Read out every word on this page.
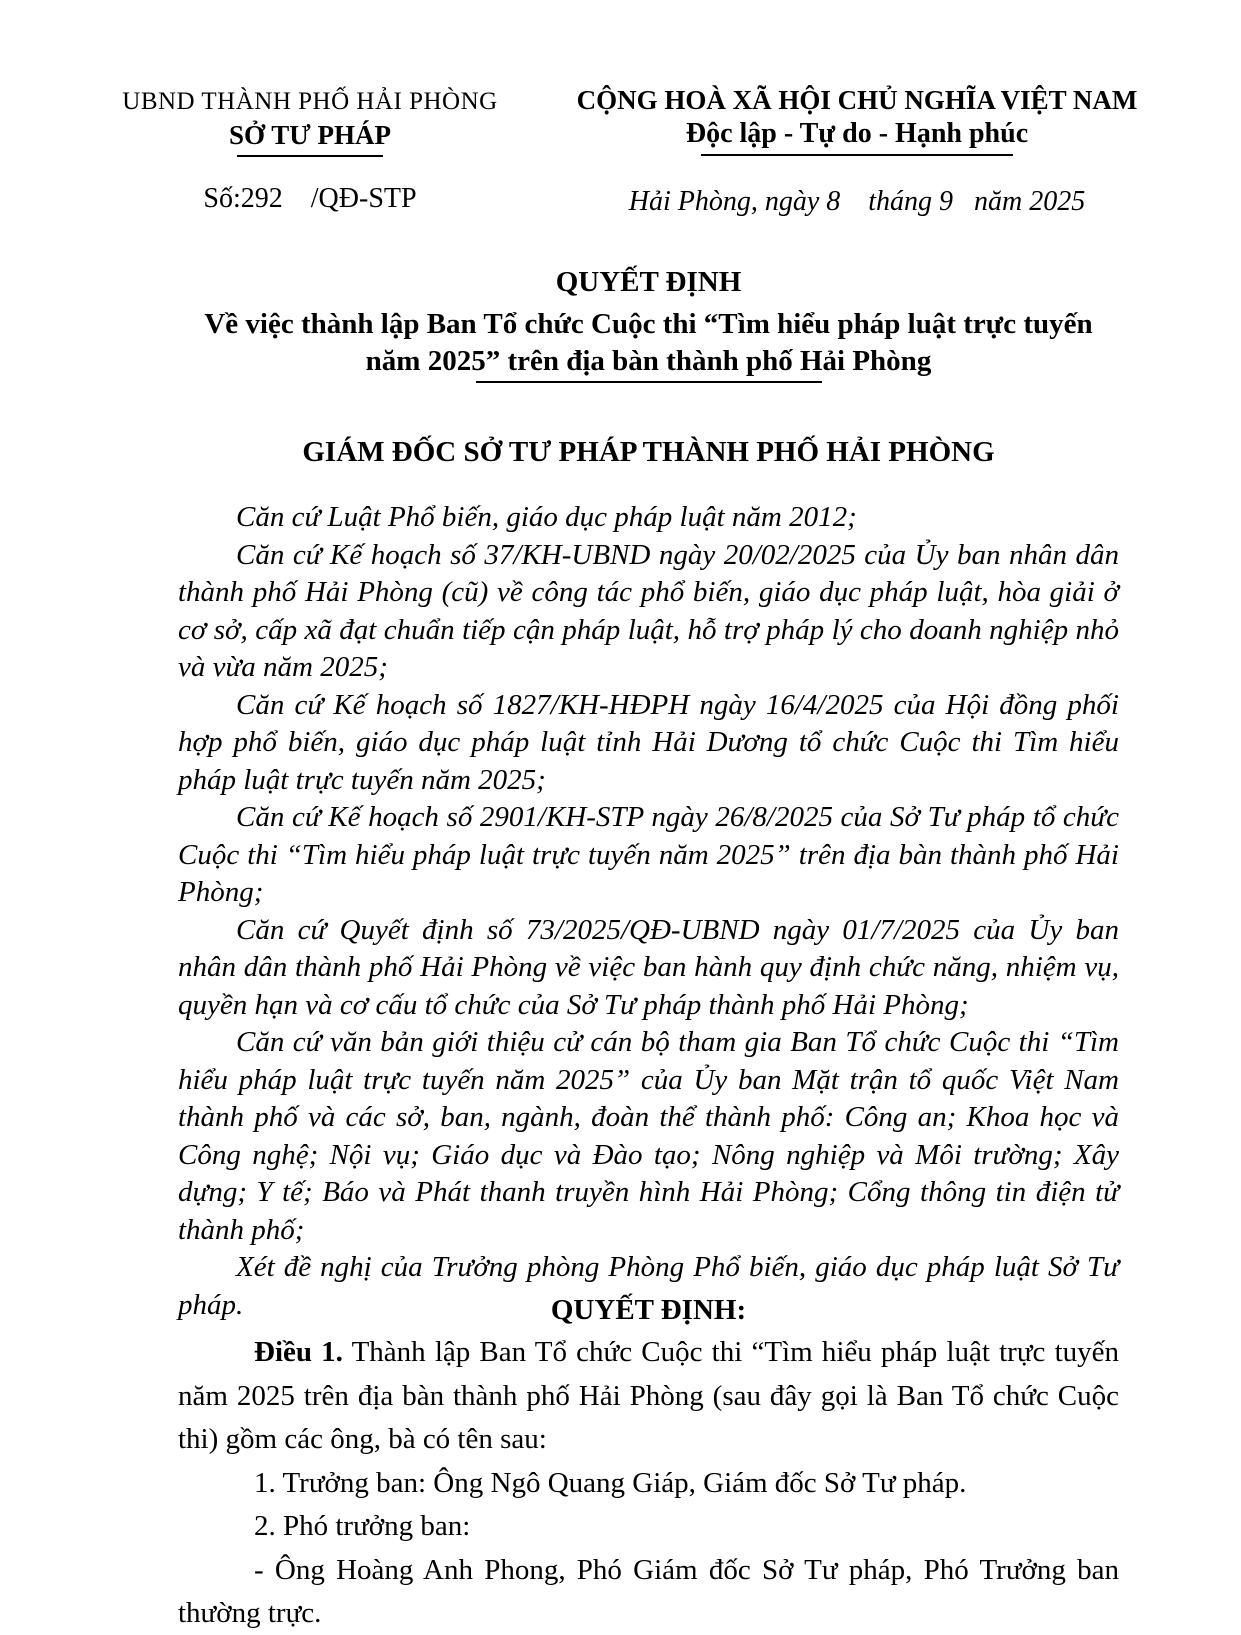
UBND THÀNH PHỐ HẢI PHÒNG
SỞ TƯ PHÁP
Số:292    /QĐ-STP
CỘNG HOÀ XÃ HỘI CHỦ NGHĨA VIỆT NAM
Độc lập - Tự do - Hạnh phúc
Hải Phòng, ngày 8    tháng 9   năm 2025
QUYẾT ĐỊNH
Về việc thành lập Ban Tổ chức Cuộc thi “Tìm hiểu pháp luật trực tuyến
năm 2025” trên địa bàn thành phố Hải Phòng
GIÁM ĐỐC SỞ TƯ PHÁP THÀNH PHỐ HẢI PHÒNG

Căn cứ Luật Phổ biến, giáo dục pháp luật năm 2012;

Căn cứ Kế hoạch số 37/KH-UBND ngày 20/02/2025 của Ủy ban nhân dân thành phố Hải Phòng (cũ) về công tác phổ biến, giáo dục pháp luật, hòa giải ở cơ sở, cấp xã đạt chuẩn tiếp cận pháp luật, hỗ trợ pháp lý cho doanh nghiệp nhỏ và vừa năm 2025;

Căn cứ Kế hoạch số 1827/KH-HĐPH ngày 16/4/2025 của Hội đồng phối hợp phổ biến, giáo dục pháp luật tỉnh Hải Dương tổ chức Cuộc thi Tìm hiểu pháp luật trực tuyến năm 2025;

Căn cứ Kế hoạch số 2901/KH-STP ngày 26/8/2025 của Sở Tư pháp tổ chức Cuộc thi “Tìm hiểu pháp luật trực tuyến năm 2025” trên địa bàn thành phố Hải Phòng;

Căn cứ Quyết định số 73/2025/QĐ-UBND ngày 01/7/2025 của Ủy ban nhân dân thành phố Hải Phòng về việc ban hành quy định chức năng, nhiệm vụ, quyền hạn và cơ cấu tổ chức của Sở Tư pháp thành phố Hải Phòng;

Căn cứ văn bản giới thiệu cử cán bộ tham gia Ban Tổ chức Cuộc thi “Tìm hiểu pháp luật trực tuyến năm 2025” của Ủy ban Mặt trận tổ quốc Việt Nam thành phố và các sở, ban, ngành, đoàn thể thành phố: Công an; Khoa học và Công nghệ; Nội vụ; Giáo dục và Đào tạo; Nông nghiệp và Môi trường; Xây dựng; Y tế; Báo và Phát thanh truyền hình Hải Phòng; Cổng thông tin điện tử thành phố;

Xét đề nghị của Trưởng phòng Phòng Phổ biến, giáo dục pháp luật Sở Tư pháp.	QUYẾT ĐỊNH:

Điều 1. Thành lập Ban Tổ chức Cuộc thi “Tìm hiểu pháp luật trực tuyến năm 2025 trên địa bàn thành phố Hải Phòng (sau đây gọi là Ban Tổ chức Cuộc thi) gồm các ông, bà có tên sau:

1. Trưởng ban: Ông Ngô Quang Giáp, Giám đốc Sở Tư pháp.

2. Phó trưởng ban:

- Ông Hoàng Anh Phong, Phó Giám đốc Sở Tư pháp, Phó Trưởng ban thường trực.
